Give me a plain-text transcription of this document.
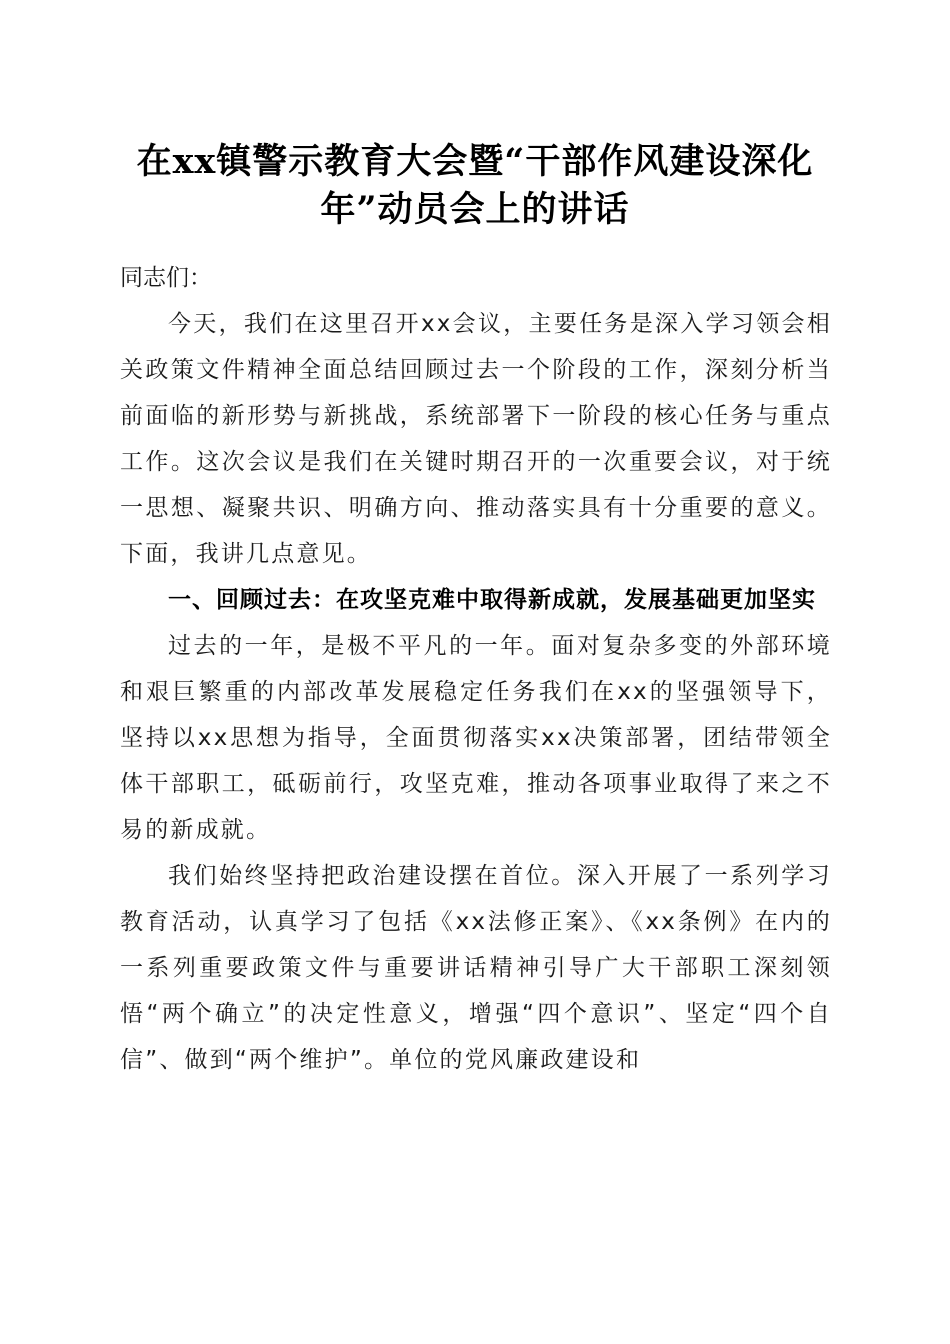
在xx镇警示教育大会暨“干部作风建设深化
年”动员会上的讲话

同志们：

今天，我们在这里召开xx会议，主要任务是深入学习领会相关政策文件精神全面总结回顾过去一个阶段的工作，深刻分析当前面临的新形势与新挑战，系统部署下一阶段的核心任务与重点工作。这次会议是我们在关键时期召开的一次重要会议，对于统一思想、凝聚共识、明确方向、推动落实具有十分重要的意义。下面，我讲几点意见。

一、回顾过去：在攻坚克难中取得新成就，发展基础更加坚实

过去的一年，是极不平凡的一年。面对复杂多变的外部环境和艰巨繁重的内部改革发展稳定任务我们在xx的坚强领导下，坚持以xx思想为指导，全面贯彻落实xx决策部署，团结带领全体干部职工，砥砺前行，攻坚克难，推动各项事业取得了来之不易的新成就。

我们始终坚持把政治建设摆在首位。深入开展了一系列学习教育活动，认真学习了包括《xx法修正案》、《xx条例》在内的一系列重要政策文件与重要讲话精神引导广大干部职工深刻领悟“两个确立”的决定性意义，增强“四个意识”、坚定“四个自信”、做到“两个维护”。单位的党风廉政建设和
